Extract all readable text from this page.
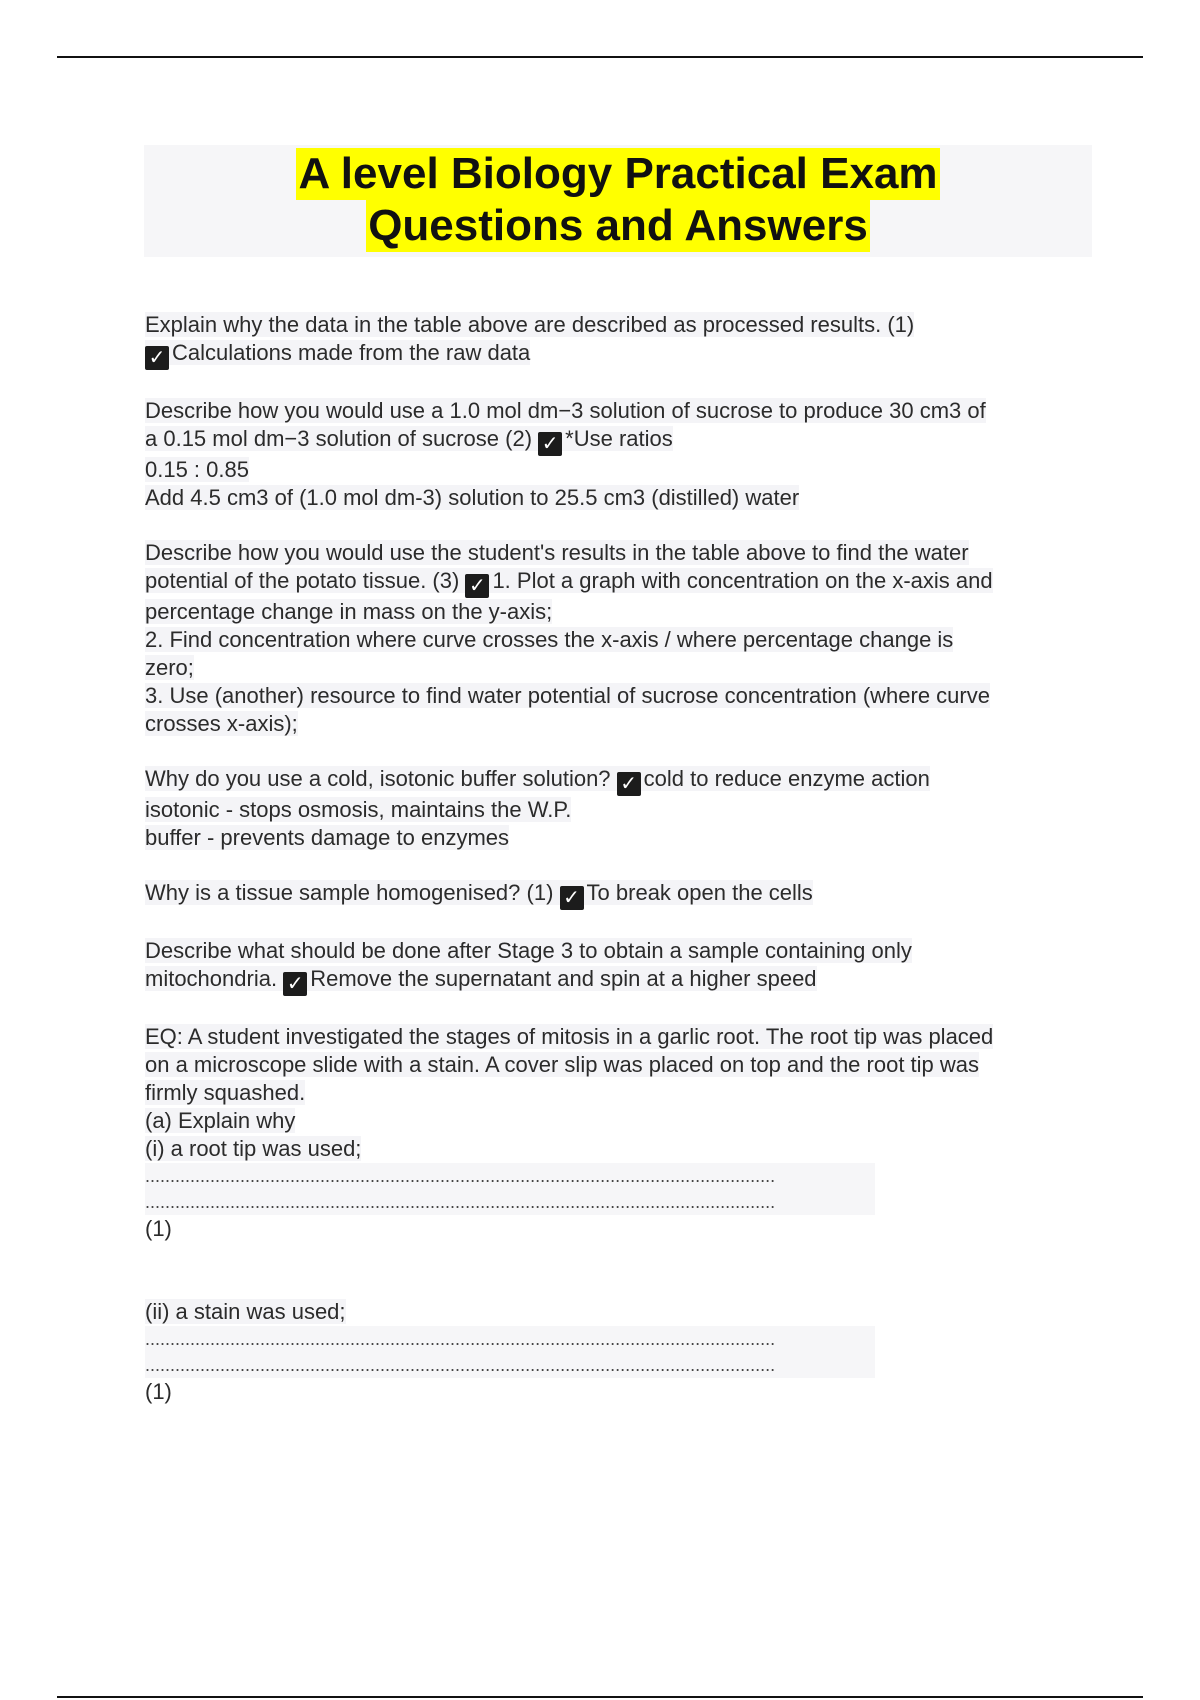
A level Biology Practical Exam
Questions and Answers

Explain why the data in the table above are described as processed results. (1)

✓ Calculations made from the raw data

Describe how you would use a 1.0 mol dm−3 solution of sucrose to produce 30 cm3 of

a 0.15 mol dm−3 solution of sucrose (2) ✓ *Use ratios

0.15 : 0.85

Add 4.5 cm3 of (1.0 mol dm-3) solution to 25.5 cm3 (distilled) water

Describe how you would use the student's results in the table above to find the water

potential of the potato tissue. (3) ✓ 1. Plot a graph with concentration on the x-axis and

percentage change in mass on the y-axis;

2. Find concentration where curve crosses the x-axis / where percentage change is

zero;

3. Use (another) resource to find water potential of sucrose concentration (where curve

crosses x-axis);

Why do you use a cold, isotonic buffer solution? ✓ cold to reduce enzyme action

isotonic - stops osmosis, maintains the W.P.

buffer - prevents damage to enzymes

Why is a tissue sample homogenised? (1) ✓ To break open the cells

Describe what should be done after Stage 3 to obtain a sample containing only

mitochondria. ✓ Remove the supernatant and spin at a higher speed

EQ: A student investigated the stages of mitosis in a garlic root. The root tip was placed

on a microscope slide with a stain. A cover slip was placed on top and the root tip was

firmly squashed.

(a) Explain why

(i) a root tip was used;

..............................................................................................................................
..............................................................................................................................

(1)

(ii) a stain was used;

..............................................................................................................................
..............................................................................................................................

(1)
